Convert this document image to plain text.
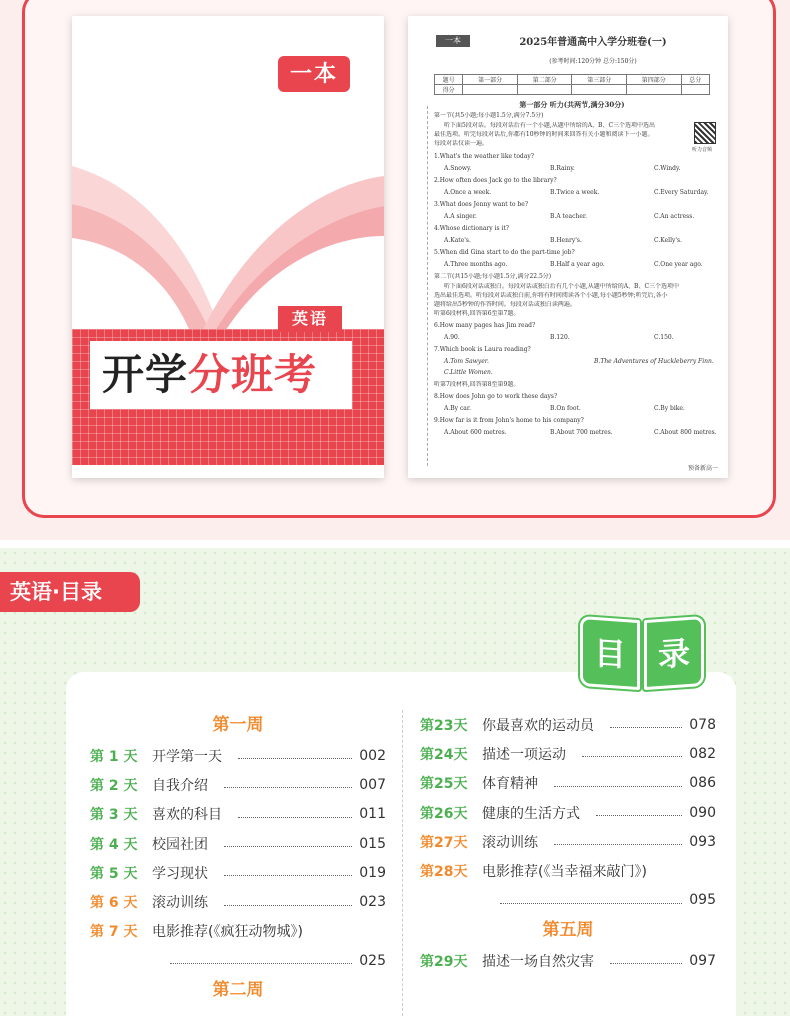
一本
英语
开学分班考
一本	2025年普通高中入学分班卷(一)
(参考时间:120分钟 总分:150分)
题号	第一部分	第二部分	第三部分	第四部分	总分
得分					
第一部分 听力(共两节,满分30分)
第一节(共5小题;每小题1.5分,满分7.5分)
听下面5段对话。每段对话后有一个小题,从题中所给的A、B、C三个选项中选出
最佳选项。听完每段对话后,你都有10秒钟的时间来回答有关小题和阅读下一小题。
每段对话仅读一遍。
听力音频
1.What's the weather like today?
A.Snowy.	B.Rainy.	C.Windy.
2.How often does Jack go to the library?
A.Once a week.	B.Twice a week.	C.Every Saturday.
3.What does Jenny want to be?
A.A singer.	B.A teacher.	C.An actress.
4.Whose dictionary is it?
A.Kate's.	B.Henry's.	C.Kelly's.
5.When did Gina start to do the part-time job?
A.Three months ago.	B.Half a year ago.	C.One year ago.
第二节(共15小题;每小题1.5分,满分22.5分)
听下面6段对话或独白。每段对话或独白后有几个小题,从题中所给的A、B、C三个选项中
选出最佳选项。听每段对话或独白前,你将有时间阅读各个小题,每小题5秒钟;听完后,各小
题将给出5秒钟的作答时间。每段对话或独白读两遍。
听第6段材料,回答第6至第7题。
6.How many pages has Jim read?
A.90.	B.120.	C.150.
7.Which book is Laura reading?
A.Tom Sawyer.	B.The Adventures of Huckleberry Finn.
C.Little Women.
听第7段材料,回答第8至第9题。
8.How does John go to work these days?
A.By car.	B.On foot.	C.By bike.
9.How far is it from John's home to his company?
A.About 600 metres.	B.About 700 metres.	C.About 800 metres.
预备新高一
英语·目录
目 录
第一周
第 1 天	开学第一天	002
第 2 天	自我介绍	007
第 3 天	喜欢的科目	011
第 4 天	校园社团	015
第 5 天	学习现状	019
第 6 天	滚动训练	023
第 7 天	电影推荐(《疯狂动物城》)
025
第二周
第23天	你最喜欢的运动员	078
第24天	描述一项运动	082
第25天	体育精神	086
第26天	健康的生活方式	090
第27天	滚动训练	093
第28天	电影推荐(《当幸福来敲门》)
095
第五周
第29天	描述一场自然灾害	097
